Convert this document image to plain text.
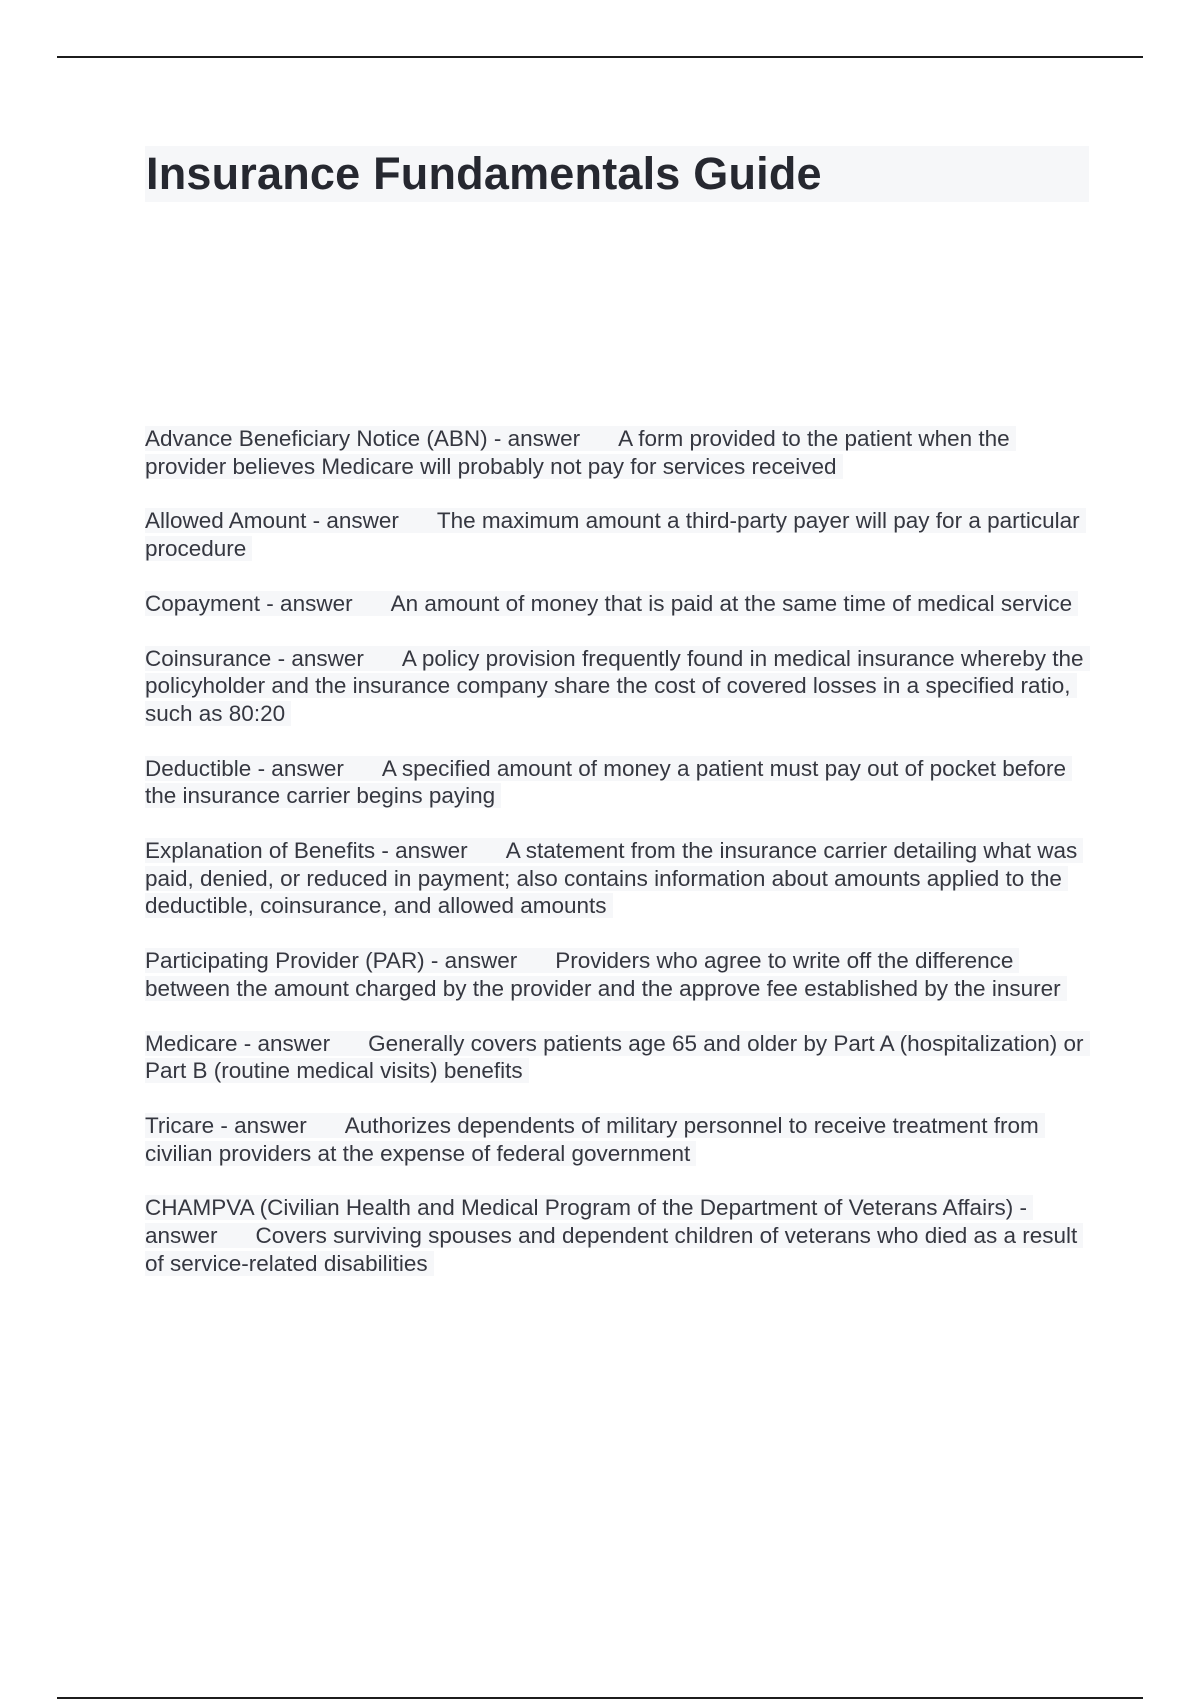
Insurance Fundamentals Guide

Advance Beneficiary Notice (ABN) - answer A form provided to the patient when the provider believes Medicare will probably not pay for services received

Allowed Amount - answer The maximum amount a third-party payer will pay for a particular procedure

Copayment - answer An amount of money that is paid at the same time of medical service

Coinsurance - answer A policy provision frequently found in medical insurance whereby the policyholder and the insurance company share the cost of covered losses in a specified ratio, such as 80:20

Deductible - answer A specified amount of money a patient must pay out of pocket before the insurance carrier begins paying

Explanation of Benefits - answer A statement from the insurance carrier detailing what was paid, denied, or reduced in payment; also contains information about amounts applied to the deductible, coinsurance, and allowed amounts

Participating Provider (PAR) - answer Providers who agree to write off the difference between the amount charged by the provider and the approve fee established by the insurer

Medicare - answer Generally covers patients age 65 and older by Part A (hospitalization) or Part B (routine medical visits) benefits

Tricare - answer Authorizes dependents of military personnel to receive treatment from civilian providers at the expense of federal government

CHAMPVA (Civilian Health and Medical Program of the Department of Veterans Affairs) - answer Covers surviving spouses and dependent children of veterans who died as a result of service-related disabilities
